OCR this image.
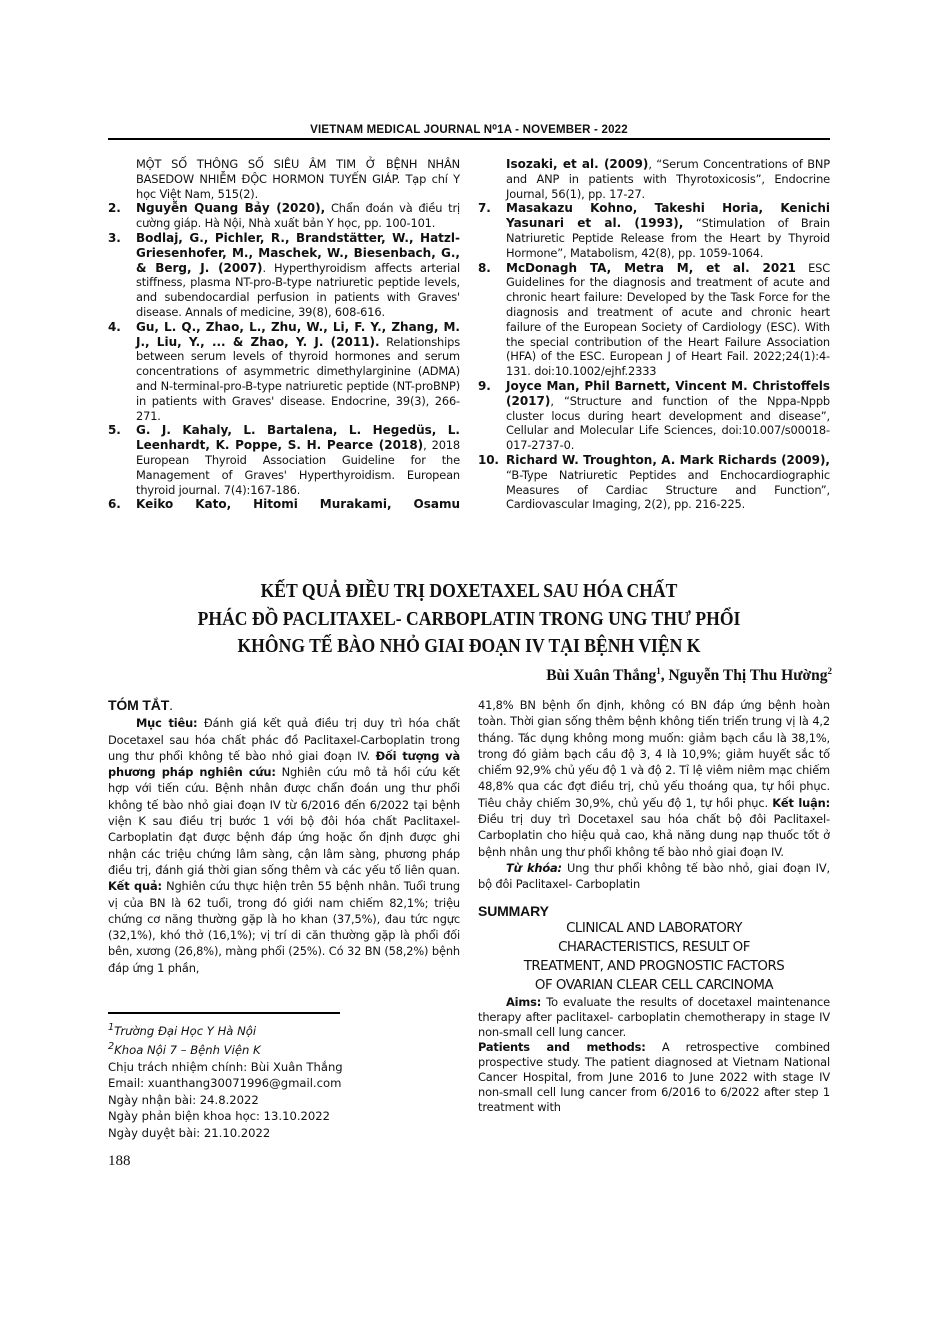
VIETNAM MEDICAL JOURNAL N⁰1A - NOVEMBER - 2022
MỘT SỐ THÔNG SỐ SIÊU ÂM TIM Ở BỆNH NHÂN BASEDOW NHIỄM ĐỘC HORMON TUYẾN GIÁP. Tạp chí Y học Việt Nam, 515(2).
2.	Nguyễn Quang Bảy (2020), Chẩn đoán và điều trị cường giáp. Hà Nội, Nhà xuất bản Y học, pp. 100-101.
3.	Bodlaj, G., Pichler, R., Brandstätter, W., Hatzl-Griesenhofer, M., Maschek, W., Biesenbach, G., & Berg, J. (2007). Hyperthyroidism affects arterial stiffness, plasma NT-pro-B-type natriuretic peptide levels, and subendocardial perfusion in patients with Graves' disease. Annals of medicine, 39(8), 608-616.
4.	Gu, L. Q., Zhao, L., Zhu, W., Li, F. Y., Zhang, M. J., Liu, Y., ... & Zhao, Y. J. (2011). Relationships between serum levels of thyroid hormones and serum concentrations of asymmetric dimethylarginine (ADMA) and N-terminal-pro-B-type natriuretic peptide (NT-proBNP) in patients with Graves' disease. Endocrine, 39(3), 266-271.
5.	G. J. Kahaly, L. Bartalena, L. Hegedüs, L. Leenhardt, K. Poppe, S. H. Pearce (2018), 2018 European Thyroid Association Guideline for the Management of Graves' Hyperthyroidism. European thyroid journal. 7(4):167-186.
6.	Keiko Kato, Hitomi Murakami, Osamu
Isozaki, et al. (2009), “Serum Concentrations of BNP and ANP in patients with Thyrotoxicosis”, Endocrine Journal, 56(1), pp. 17-27.
7.	Masakazu Kohno, Takeshi Horia, Kenichi Yasunari et al. (1993), “Stimulation of Brain Natriuretic Peptide Release from the Heart by Thyroid Hormone”, Matabolism, 42(8), pp. 1059-1064.
8.	McDonagh TA, Metra M, et al. 2021 ESC Guidelines for the diagnosis and treatment of acute and chronic heart failure: Developed by the Task Force for the diagnosis and treatment of acute and chronic heart failure of the European Society of Cardiology (ESC). With the special contribution of the Heart Failure Association (HFA) of the ESC. European J of Heart Fail. 2022;24(1):4-131. doi:10.1002/ejhf.2333
9.	Joyce Man, Phil Barnett, Vincent M. Christoffels (2017), “Structure and function of the Nppa-Nppb cluster locus during heart development and disease”, Cellular and Molecular Life Sciences, doi:10.007/s00018-017-2737-0.
10. Richard W. Troughton, A. Mark Richards (2009), “B-Type Natriuretic Peptides and Enchocardiographic Measures of Cardiac Structure and Function”, Cardiovascular Imaging, 2(2), pp. 216-225.
KẾT QUẢ ĐIỀU TRỊ DOXETAXEL SAU HÓA CHẤT
PHÁC ĐỒ PACLITAXEL- CARBOPLATIN TRONG UNG THƯ PHỔI
KHÔNG TẾ BÀO NHỎ GIAI ĐOẠN IV TẠI BỆNH VIỆN K
Bùi Xuân Thắng$^1$, Nguyễn Thị Thu Hường$^2$
TÓM TẮT.
Mục tiêu: Đánh giá kết quả điều trị duy trì hóa chất Docetaxel sau hóa chất phác đồ Paclitaxel-Carboplatin trong ung thư phổi không tế bào nhỏ giai đoạn IV. Đối tượng và phương pháp nghiên cứu: Nghiên cứu mô tả hồi cứu kết hợp với tiến cứu. Bệnh nhân được chẩn đoán ung thư phổi không tế bào nhỏ giai đoạn IV từ 6/2016 đến 6/2022 tại bệnh viện K sau điều trị bước 1 với bộ đôi hóa chất Paclitaxel-Carboplatin đạt được bệnh đáp ứng hoặc ổn định được ghi nhận các triệu chứng lâm sàng, cận lâm sàng, phương pháp điều trị, đánh giá thời gian sống thêm và các yếu tố liên quan. Kết quả: Nghiên cứu thực hiện trên 55 bệnh nhân. Tuổi trung vị của BN là 62 tuổi, trong đó giới nam chiếm 82,1%; triệu chứng cơ năng thường gặp là ho khan (37,5%), đau tức ngực (32,1%), khó thở (16,1%); vị trí di căn thường gặp là phổi đối bên, xương (26,8%), màng phổi (25%). Có 32 BN (58,2%) bệnh đáp ứng 1 phần,
41,8% BN bệnh ổn định, không có BN đáp ứng bệnh hoàn toàn. Thời gian sống thêm bệnh không tiến triển trung vị là 4,2 tháng. Tác dụng không mong muốn: giảm bạch cầu là 38,1%, trong đó giảm bạch cầu độ 3, 4 là 10,9%; giảm huyết sắc tố chiếm 92,9% chủ yếu độ 1 và độ 2. Tỉ lệ viêm niêm mạc chiếm 48,8% qua các đợt điều trị, chủ yếu thoáng qua, tự hồi phục. Tiêu chảy chiếm 30,9%, chủ yếu độ 1, tự hồi phục. Kết luận: Điều trị duy trì Docetaxel sau hóa chất bộ đôi Paclitaxel- Carboplatin cho hiệu quả cao, khả năng dung nạp thuốc tốt ở bệnh nhân ung thư phổi không tế bào nhỏ giai đoạn IV.
Từ khóa: Ung thư phổi không tế bào nhỏ, giai đoạn IV, bộ đôi Paclitaxel- Carboplatin
SUMMARY
CLINICAL AND LABORATORY
CHARACTERISTICS, RESULT OF
TREATMENT, AND PROGNOSTIC FACTORS
OF OVARIAN CLEAR CELL CARCINOMA
Aims: To evaluate the results of docetaxel maintenance therapy after paclitaxel- carboplatin chemotherapy in stage IV non-small cell lung cancer.
Patients and methods: A retrospective combined prospective study. The patient diagnosed at Vietnam National Cancer Hospital, from June 2016 to June 2022 with stage IV non-small cell lung cancer from 6/2016 to 6/2022 after step 1 treatment with
$^1$Trường Đại Học Y Hà Nội
$^2$Khoa Nội 7 – Bệnh Viện K
Chịu trách nhiệm chính: Bùi Xuân Thắng
Email: xuanthang30071996@gmail.com
Ngày nhận bài: 24.8.2022
Ngày phản biện khoa học: 13.10.2022
Ngày duyệt bài: 21.10.2022
188
